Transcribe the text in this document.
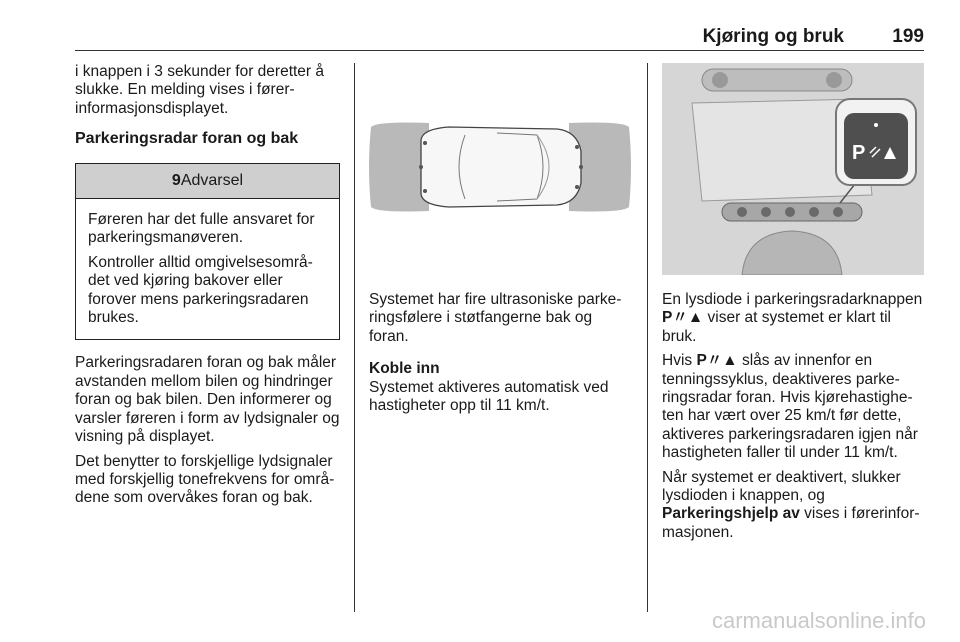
Kjøring og bruk	199

i knappen i 3 sekunder for deretter å slukke. En melding vises i førerinformasjonsdisplayet.

Parkeringsradar foran og bak
9Advarsel

Føreren har det fulle ansvaret for parkeringsmanøveren.

Kontroller alltid omgivelsesområdet ved kjøring bakover eller forover mens parkeringsradaren brukes.

Parkeringsradaren foran og bak måler avstanden mellom bilen og hindringer foran og bak bilen. Den informerer og varsler føreren i form av lydsignaler og visning på displayet.

Det benytter to forskjellige lydsignaler med forskjellig tonefrekvens for områdene som overvåkes foran og bak.

Systemet har fire ultrasoniske parkeringsfølere i støtfangerne bak og foran.

Koble inn

Systemet aktiveres automatisk ved hastigheter opp til 11 km/t.

P

En lysdiode i parkeringsradarknappen P〃▲ viser at systemet er klart til bruk.

Hvis P〃▲ slås av innenfor en tenningssyklus, deaktiveres parkeringsradar foran. Hvis kjørehastigheten har vært over 25 km/t før dette, aktiveres parkeringsradaren igjen når hastigheten faller til under 11 km/t.

Når systemet er deaktivert, slukker lysdioden i knappen, og Parkeringshjelp av vises i førerinformasjonen.

carmanualsonline.info
